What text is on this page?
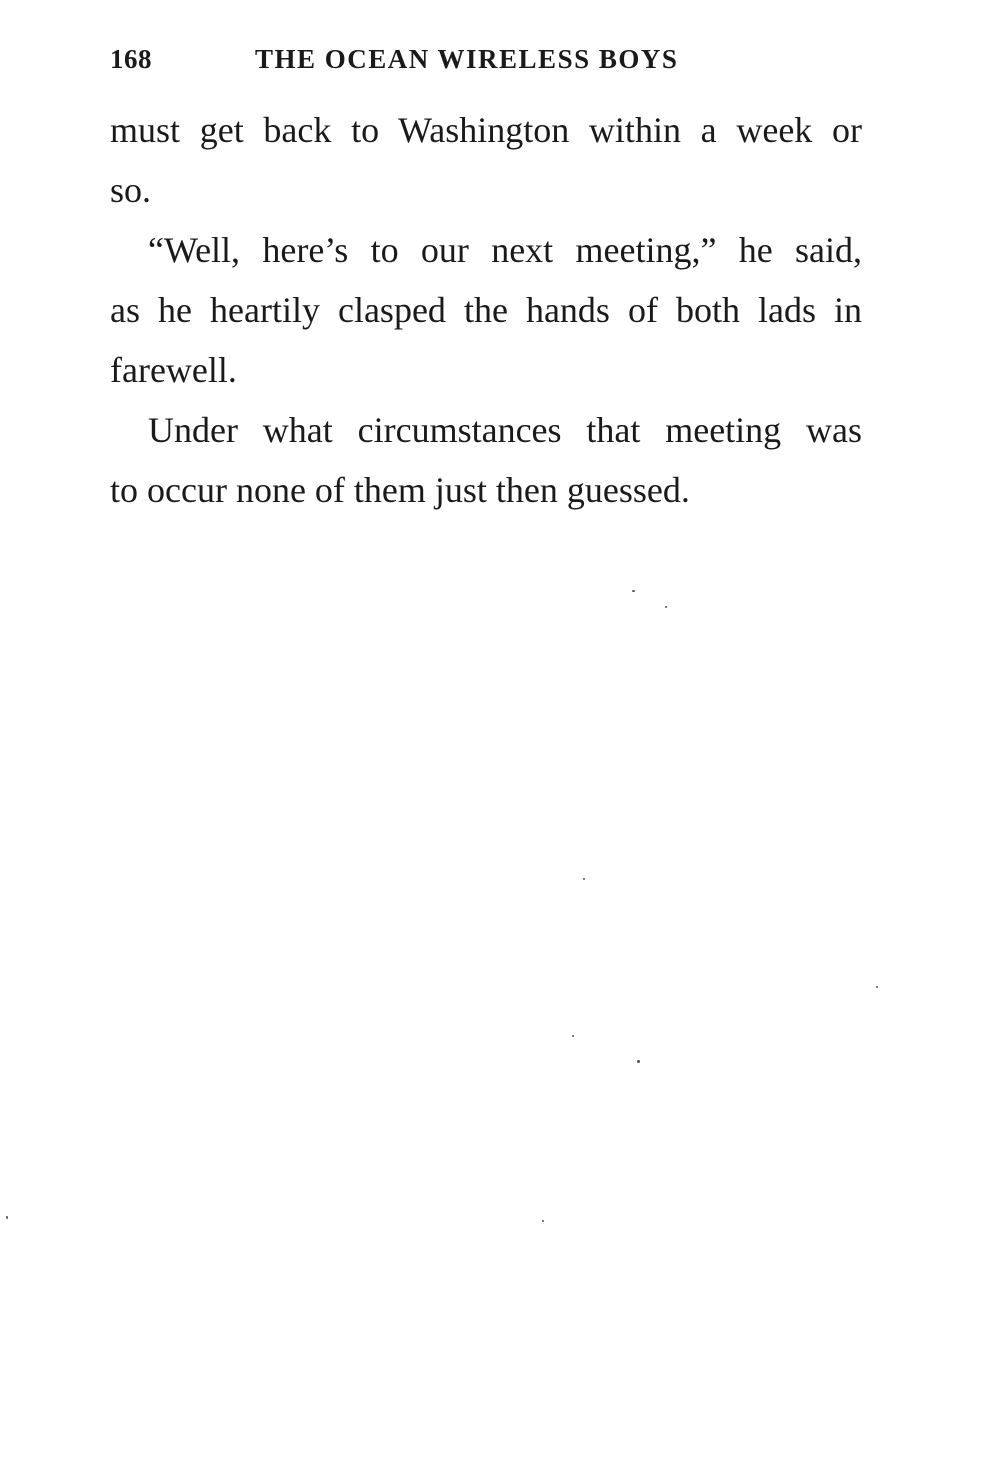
168	THE OCEAN WIRELESS BOYS
must get back to Washington within a week or
so.
“Well, here’s to our next meeting,” he said,
as he heartily clasped the hands of both lads in
farewell.
Under what circumstances that meeting was
to occur none of them just then guessed.
